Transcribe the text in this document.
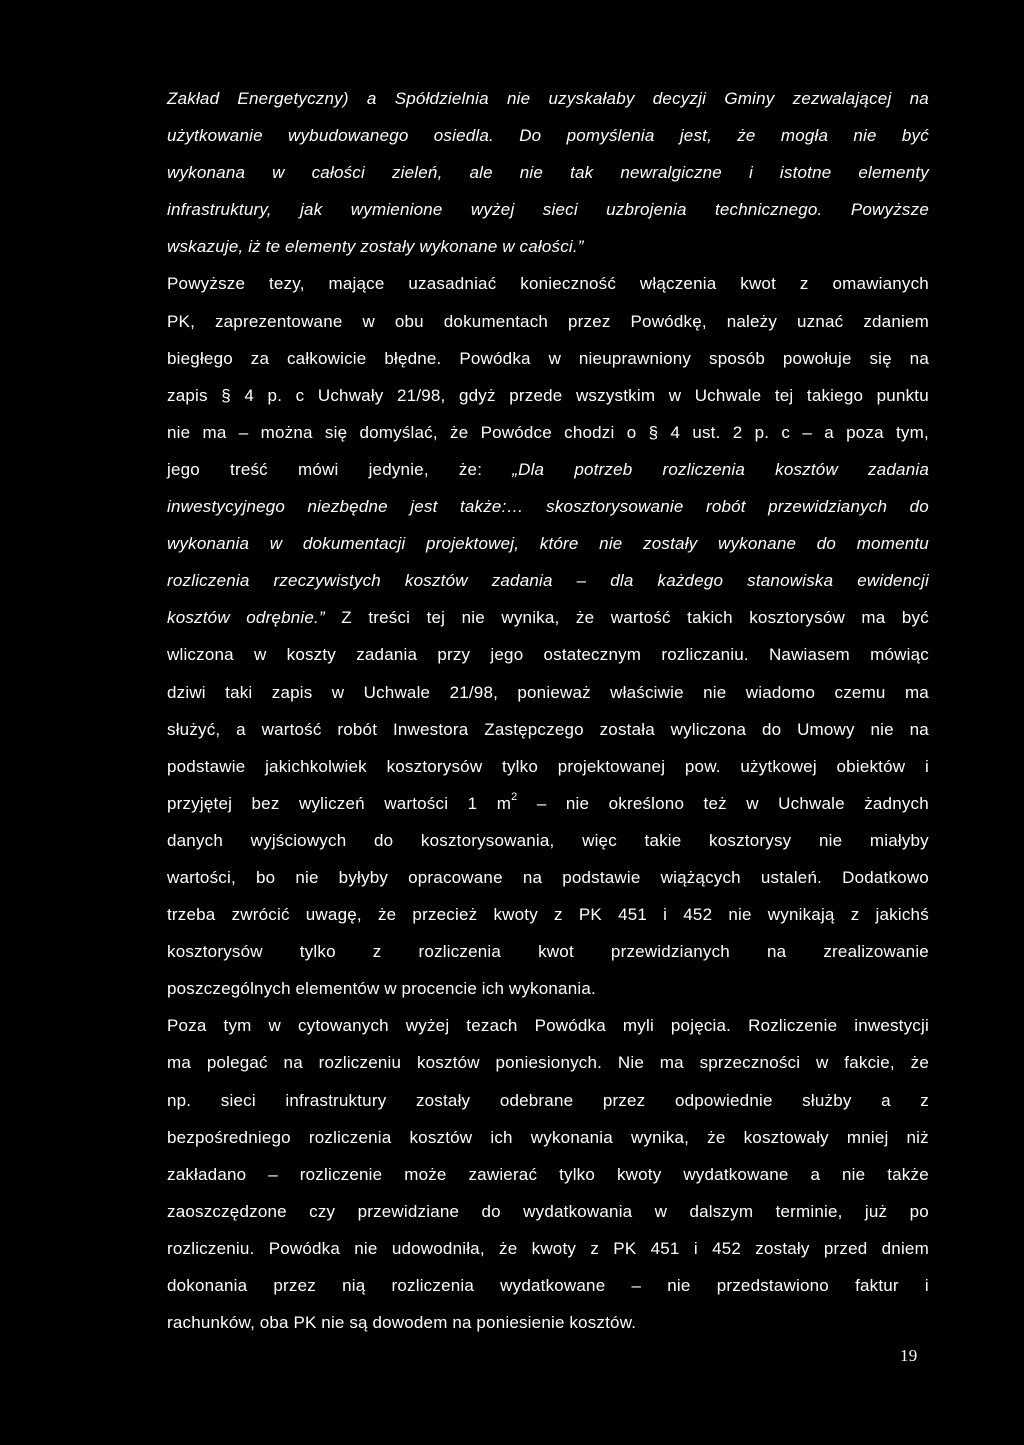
Zakład Energetyczny) a Spółdzielnia nie uzyskałaby decyzji Gminy zezwalającej na
użytkowanie wybudowanego osiedla. Do pomyślenia jest, że mogła nie być
wykonana w całości zieleń, ale nie tak newralgiczne i istotne elementy
infrastruktury, jak wymienione wyżej sieci uzbrojenia technicznego. Powyższe
wskazuje, iż te elementy zostały wykonane w całości.”
Powyższe tezy, mające uzasadniać konieczność włączenia kwot z omawianych
PK, zaprezentowane w obu dokumentach przez Powódkę, należy uznać zdaniem
biegłego za całkowicie błędne. Powódka w nieuprawniony sposób powołuje się na
zapis § 4 p. c Uchwały 21/98, gdyż przede wszystkim w Uchwale tej takiego punktu
nie ma – można się domyślać, że Powódce chodzi o § 4 ust. 2 p. c – a poza tym,
jego treść mówi jedynie, że: „Dla potrzeb rozliczenia kosztów zadania
inwestycyjnego niezbędne jest także:… skosztorysowanie robót przewidzianych do
wykonania w dokumentacji projektowej, które nie zostały wykonane do momentu
rozliczenia rzeczywistych kosztów zadania – dla każdego stanowiska ewidencji
kosztów odrębnie.” Z treści tej nie wynika, że wartość takich kosztorysów ma być
wliczona w koszty zadania przy jego ostatecznym rozliczaniu. Nawiasem mówiąc
dziwi taki zapis w Uchwale 21/98, ponieważ właściwie nie wiadomo czemu ma
służyć, a wartość robót Inwestora Zastępczego została wyliczona do Umowy nie na
podstawie jakichkolwiek kosztorysów tylko projektowanej pow. użytkowej obiektów i
przyjętej bez wyliczeń wartości 1 $m^2$ – nie określono też w Uchwale żadnych
danych wyjściowych do kosztorysowania, więc takie kosztorysy nie miałyby
wartości, bo nie byłyby opracowane na podstawie wiążących ustaleń. Dodatkowo
trzeba zwrócić uwagę, że przecież kwoty z PK 451 i 452 nie wynikają z jakichś
kosztorysów tylko z rozliczenia kwot przewidzianych na zrealizowanie
poszczególnych elementów w procencie ich wykonania.
Poza tym w cytowanych wyżej tezach Powódka myli pojęcia. Rozliczenie inwestycji
ma polegać na rozliczeniu kosztów poniesionych. Nie ma sprzeczności w fakcie, że
np. sieci infrastruktury zostały odebrane przez odpowiednie służby a z
bezpośredniego rozliczenia kosztów ich wykonania wynika, że kosztowały mniej niż
zakładano – rozliczenie może zawierać tylko kwoty wydatkowane a nie także
zaoszczędzone czy przewidziane do wydatkowania w dalszym terminie, już po
rozliczeniu. Powódka nie udowodniła, że kwoty z PK 451 i 452 zostały przed dniem
dokonania przez nią rozliczenia wydatkowane – nie przedstawiono faktur i
rachunków, oba PK nie są dowodem na poniesienie kosztów.
19
